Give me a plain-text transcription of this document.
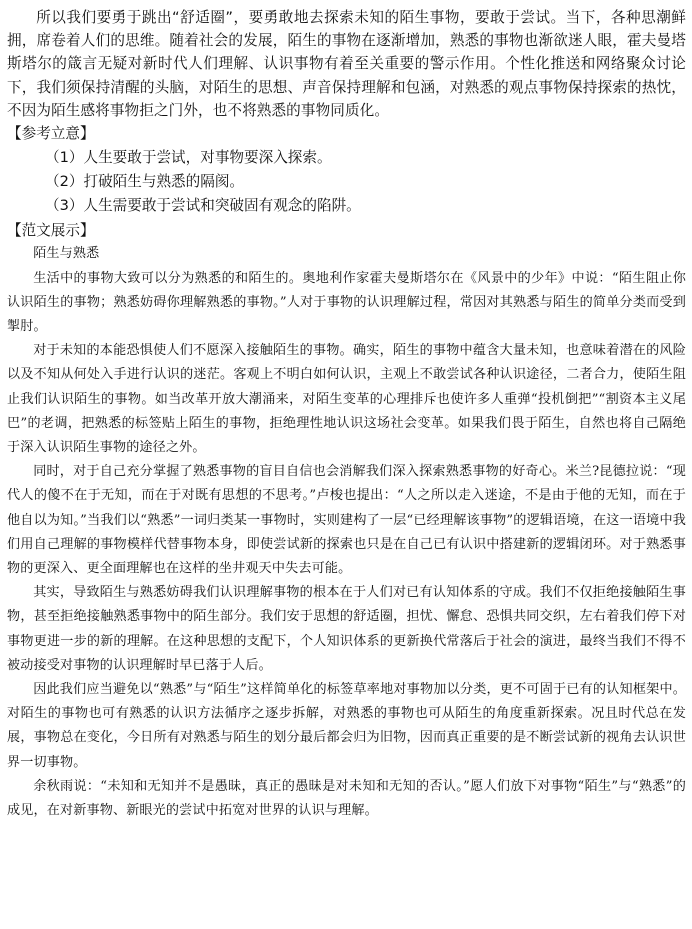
所以我们要勇于跳出“舒适圈”，要勇敢地去探索未知的陌生事物，要敢于尝试。当下，各种思潮鲜拥，席卷着人们的思维。随着社会的发展，陌生的事物在逐渐增加，熟悉的事物也渐欲迷人眼，霍夫曼塔斯塔尔的箴言无疑对新时代人们理解、认识事物有着至关重要的警示作用。个性化推送和网络聚众讨论下，我们须保持清醒的头脑，对陌生的思想、声音保持理解和包涵，对熟悉的观点事物保持探索的热忱，不因为陌生感将事物拒之门外，也不将熟悉的事物同质化。

【参考立意】

（1）人生要敢于尝试，对事物要深入探索。

（2）打破陌生与熟悉的隔阂。

（3）人生需要敢于尝试和突破固有观念的陷阱。

【范文展示】

陌生与熟悉

生活中的事物大致可以分为熟悉的和陌生的。奥地利作家霍夫曼斯塔尔在《风景中的少年》中说：“陌生阻止你认识陌生的事物；熟悉妨碍你理解熟悉的事物。”人对于事物的认识理解过程，常因对其熟悉与陌生的简单分类而受到掣肘。

对于未知的本能恐惧使人们不愿深入接触陌生的事物。确实，陌生的事物中蕴含大量未知，也意味着潜在的风险以及不知从何处入手进行认识的迷茫。客观上不明白如何认识，主观上不敢尝试各种认识途径，二者合力，使陌生阻止我们认识陌生的事物。如当改革开放大潮涌来，对陌生变革的心理排斥也使许多人重弹“投机倒把”“割资本主义尾巴”的老调，把熟悉的标签贴上陌生的事物，拒绝理性地认识这场社会变革。如果我们畏于陌生，自然也将自己隔绝于深入认识陌生事物的途径之外。

同时，对于自己充分掌握了熟悉事物的盲目自信也会消解我们深入探索熟悉事物的好奇心。米兰?昆德拉说：“现代人的傻不在于无知，而在于对既有思想的不思考。”卢梭也提出：“人之所以走入迷途，不是由于他的无知，而在于他自以为知。”当我们以“熟悉”一词归类某一事物时，实则建构了一层“已经理解该事物”的逻辑语境，在这一语境中我们用自己理解的事物模样代替事物本身，即使尝试新的探索也只是在自己已有认识中搭建新的逻辑闭环。对于熟悉事物的更深入、更全面理解也在这样的坐井观天中失去可能。

其实，导致陌生与熟悉妨碍我们认识理解事物的根本在于人们对已有认知体系的守成。我们不仅拒绝接触陌生事物，甚至拒绝接触熟悉事物中的陌生部分。我们安于思想的舒适圈，担忧、懈怠、恐惧共同交织，左右着我们停下对事物更进一步的新的理解。在这种思想的支配下，个人知识体系的更新换代常落后于社会的演进，最终当我们不得不被动接受对事物的认识理解时早已落于人后。

因此我们应当避免以“熟悉”与“陌生”这样简单化的标签草率地对事物加以分类，更不可固于已有的认知框架中。对陌生的事物也可有熟悉的认识方法循序之逐步拆解，对熟悉的事物也可从陌生的角度重新探索。况且时代总在发展，事物总在变化，今日所有对熟悉与陌生的划分最后都会归为旧物，因而真正重要的是不断尝试新的视角去认识世界一切事物。

余秋雨说：“未知和无知并不是愚昧，真正的愚昧是对未知和无知的否认。”愿人们放下对事物“陌生”与“熟悉”的成见，在对新事物、新眼光的尝试中拓宽对世界的认识与理解。
